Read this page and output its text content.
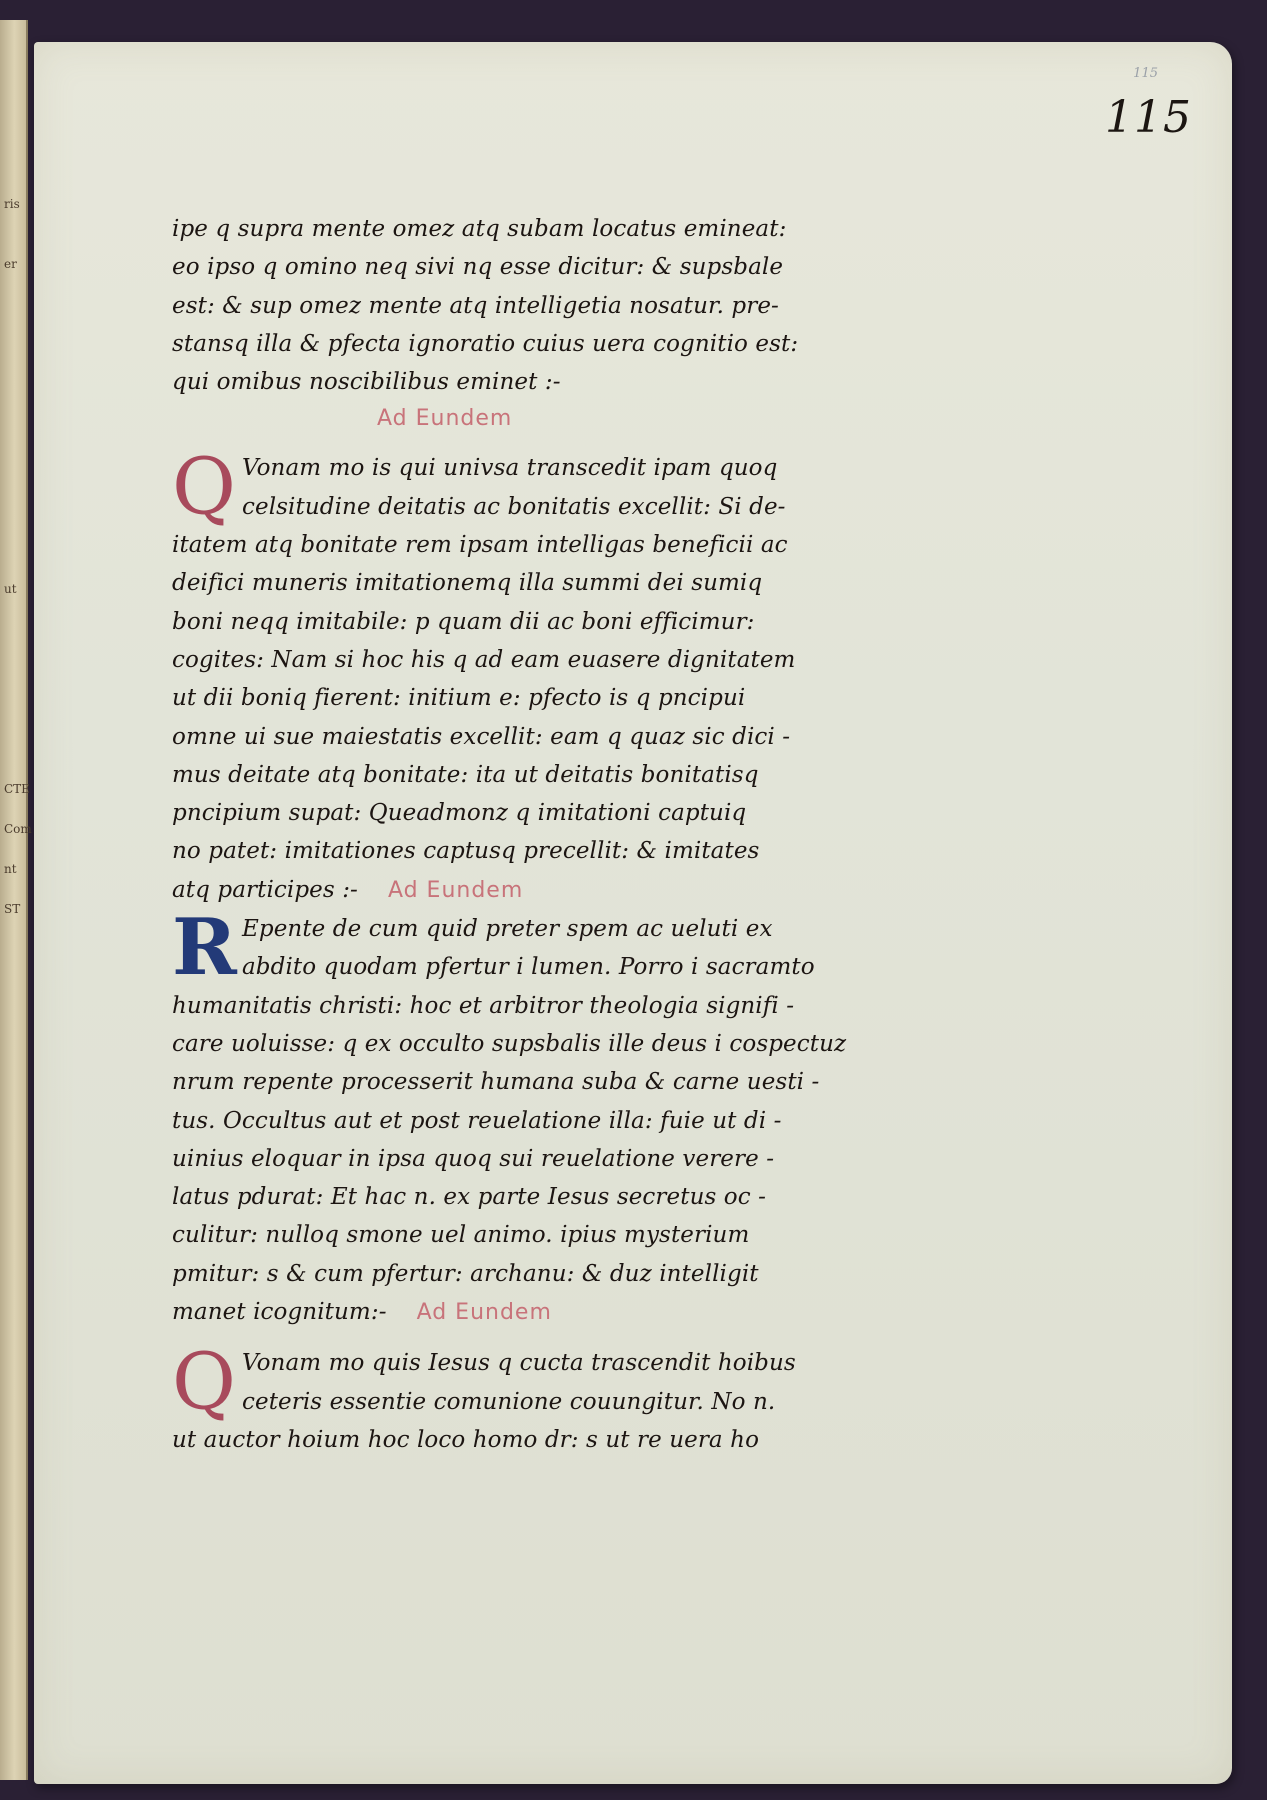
ris
er
ut
CTE
Com
nt
ST
115
115
ipe q supra mente omez atq subam locatus emineat:
eo ipso q omino neq sivi nq esse dicitur: & supsbale
est: & sup omez mente atq intelligetia nosatur. pre-
stansq illa & pfecta ignoratio cuius uera cognitio est:
qui omibus noscibilibus eminet :-
Ad Eundem
Q Vonam mo is qui univsa transcedit ipam quoq
celsitudine deitatis ac bonitatis excellit: Si de-
itatem atq bonitate rem ipsam intelligas beneficii ac
deifici muneris imitationemq illa summi dei sumiq
boni neqq imitabile: p quam dii ac boni efficimur:
cogites: Nam si hoc his q ad eam euasere dignitatem
ut dii boniq fierent: initium e: pfecto is q pncipui
omne ui sue maiestatis excellit: eam q quaz sic dici -
mus deitate atq bonitate: ita ut deitatis bonitatisq
pncipium supat: Queadmonz q imitationi captuiq
no patet: imitationes captusq precellit: & imitates
atq participes :- Ad Eundem
R Epente de cum quid preter spem ac ueluti ex
abdito quodam pfertur i lumen. Porro i sacramto
humanitatis christi: hoc et arbitror theologia signifi -
care uoluisse: q ex occulto supsbalis ille deus i cospectuz
nrum repente processerit humana suba & carne uesti -
tus. Occultus aut et post reuelatione illa: fuie ut di -
uinius eloquar in ipsa quoq sui reuelatione verere -
latus pdurat: Et hac n. ex parte Iesus secretus oc -
culitur: nulloq smone uel animo. ipius mysterium
pmitur: s & cum pfertur: archanu: & duz intelligit
manet icognitum:- Ad Eundem
Q Vonam mo quis Iesus q cucta trascendit hoibus
ceteris essentie comunione couungitur. No n.
ut auctor hoium hoc loco homo dr: s ut re uera ho
